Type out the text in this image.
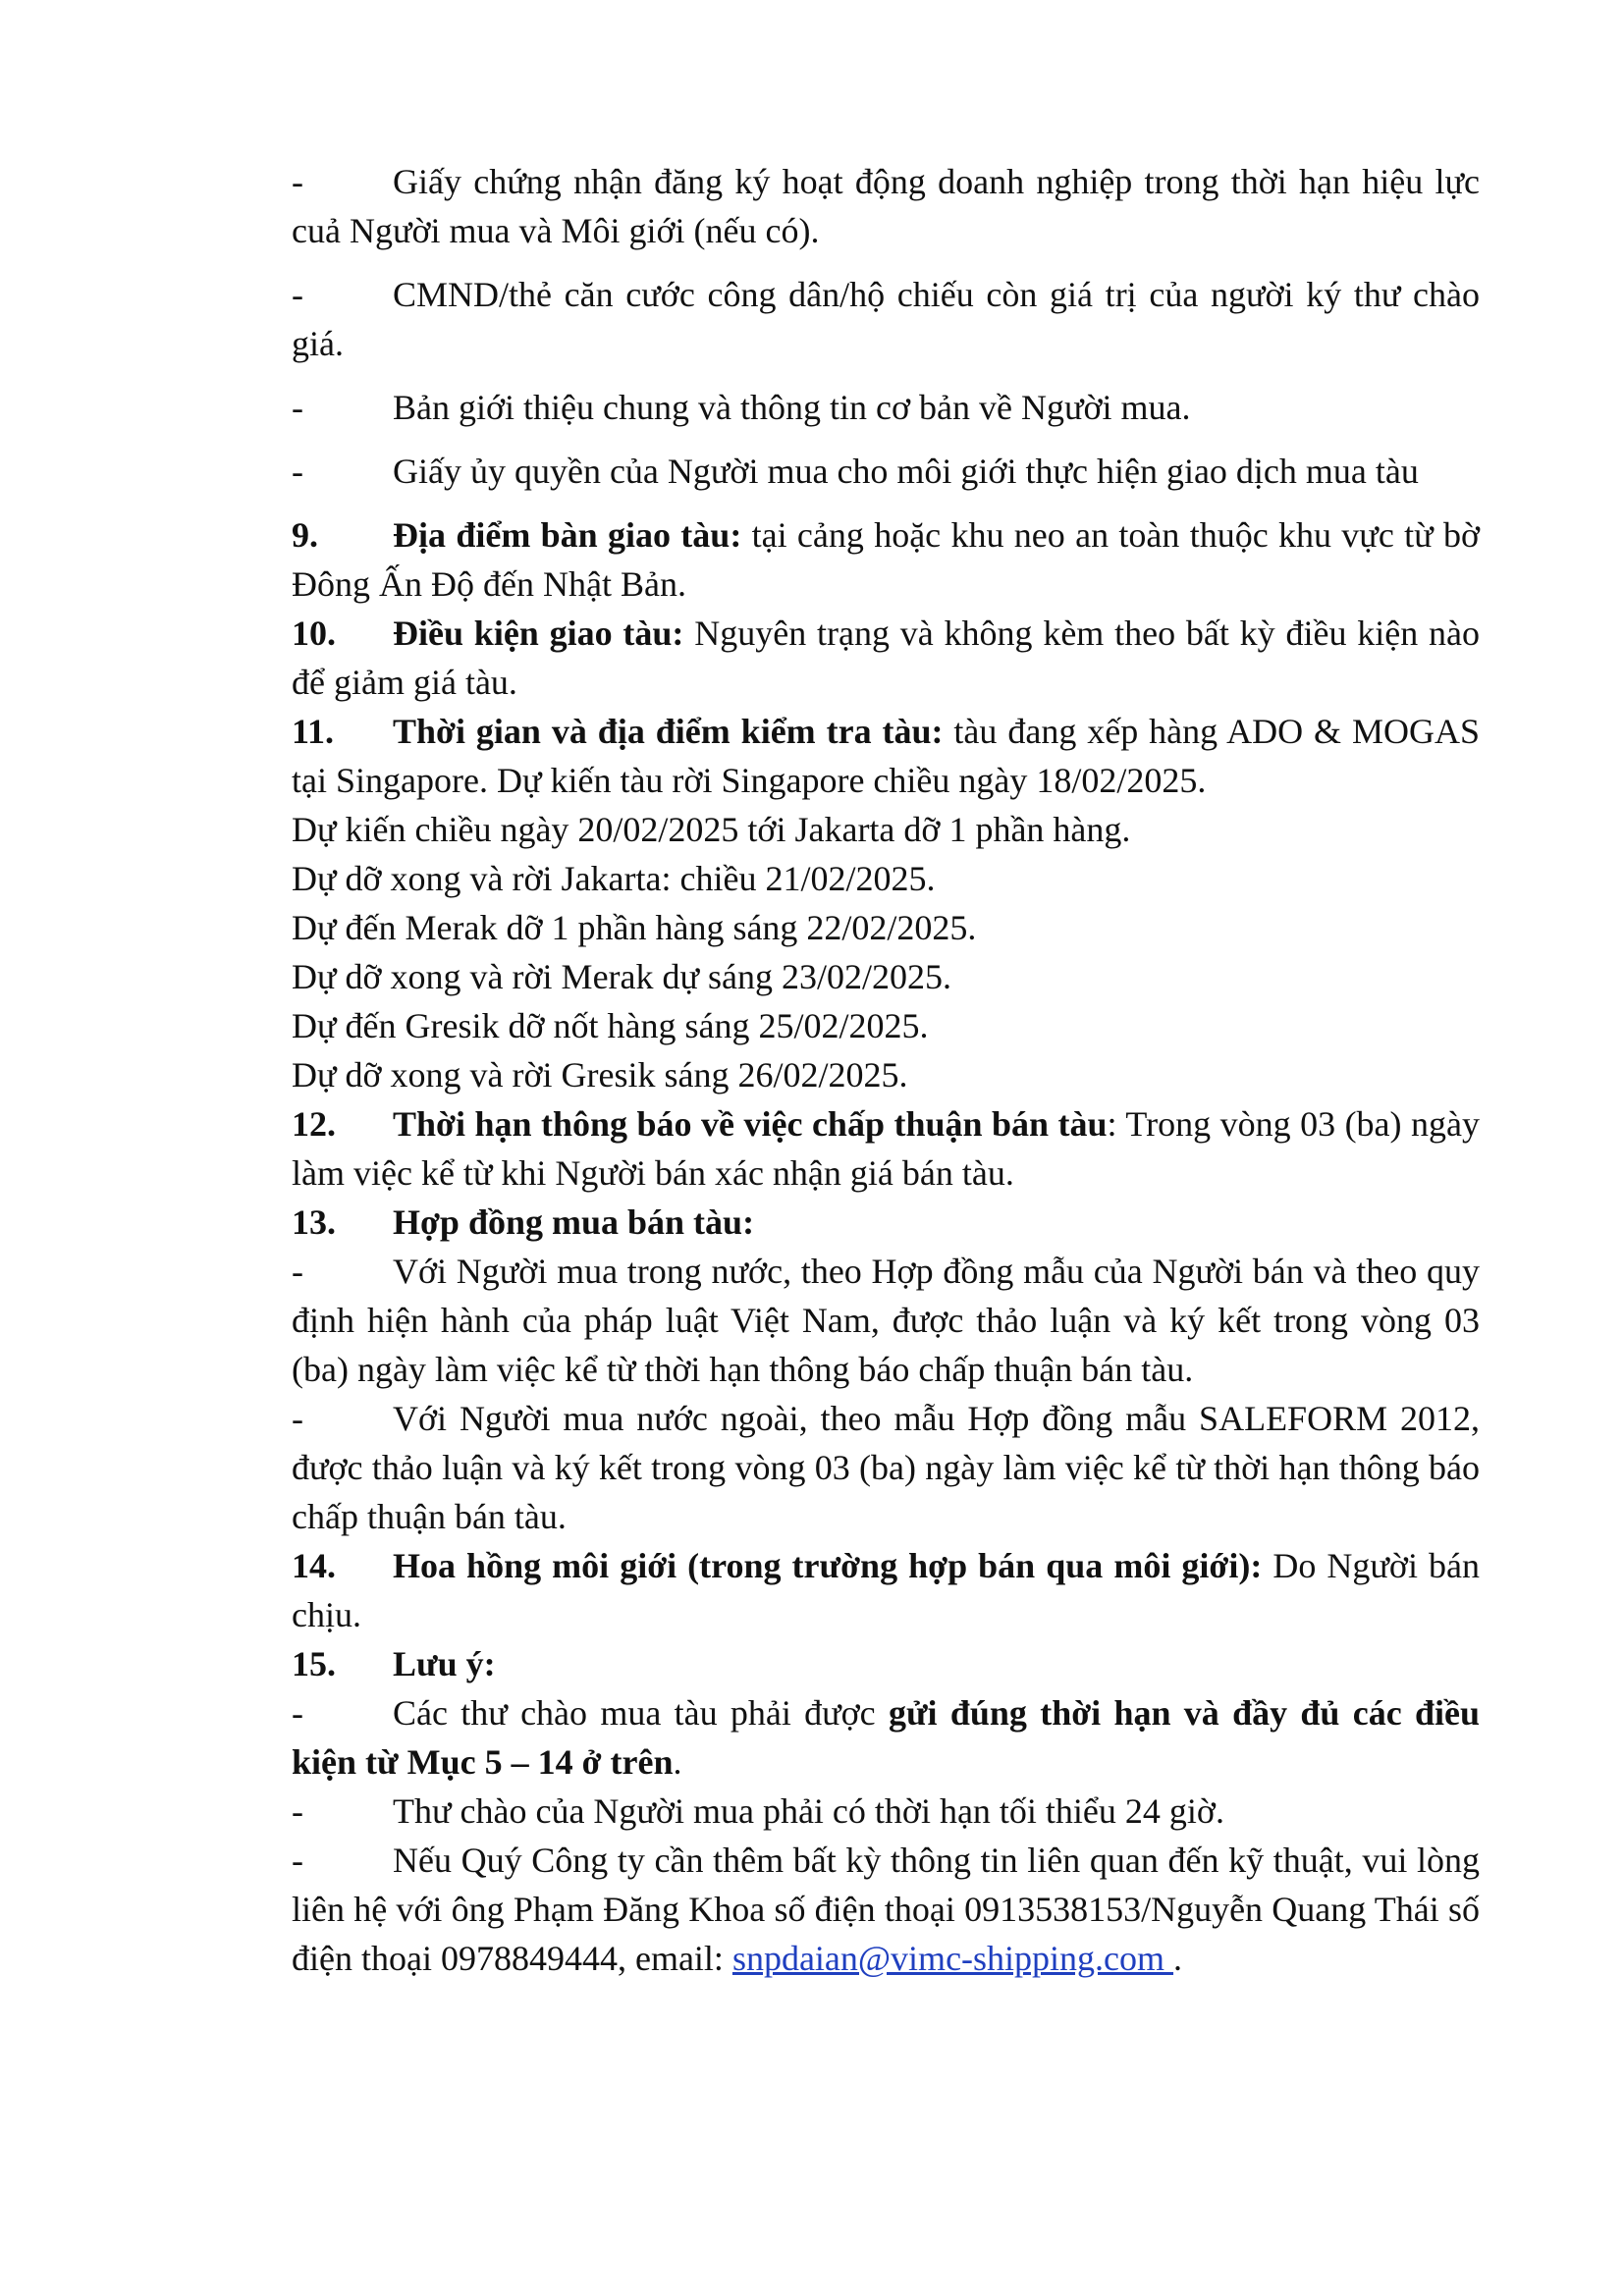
-	Giấy chứng nhận đăng ký hoạt động doanh nghiệp trong thời hạn hiệu lực cuả Người mua và Môi giới (nếu có).

-	CMND/thẻ căn cước công dân/hộ chiếu còn giá trị của người ký thư chào giá.

-	Bản giới thiệu chung và thông tin cơ bản về Người mua.

-	Giấy ủy quyền của Người mua cho môi giới thực hiện giao dịch mua tàu

9. Địa điểm bàn giao tàu: tại cảng hoặc khu neo an toàn thuộc khu vực từ bờ Đông Ấn Độ đến Nhật Bản.

10. Điều kiện giao tàu: Nguyên trạng và không kèm theo bất kỳ điều kiện nào để giảm giá tàu.

11. Thời gian và địa điểm kiểm tra tàu: tàu đang xếp hàng ADO & MOGAS tại Singapore. Dự kiến tàu rời Singapore chiều ngày 18/02/2025.

Dự kiến chiều ngày 20/02/2025 tới Jakarta dỡ 1 phần hàng.

Dự dỡ xong và rời Jakarta: chiều 21/02/2025.

Dự đến Merak dỡ 1 phần hàng sáng 22/02/2025.

Dự dỡ xong và rời Merak dự sáng 23/02/2025.

Dự đến Gresik dỡ nốt hàng sáng 25/02/2025.

Dự dỡ xong và rời Gresik sáng 26/02/2025.

12. Thời hạn thông báo về việc chấp thuận bán tàu: Trong vòng 03 (ba) ngày làm việc kể từ khi Người bán xác nhận giá bán tàu.

13. Hợp đồng mua bán tàu:

-	Với Người mua trong nước, theo Hợp đồng mẫu của Người bán và theo quy định hiện hành của pháp luật Việt Nam, được thảo luận và ký kết trong vòng 03 (ba) ngày làm việc kể từ thời hạn thông báo chấp thuận bán tàu.

-	Với Người mua nước ngoài, theo mẫu Hợp đồng mẫu SALEFORM 2012, được thảo luận và ký kết trong vòng 03 (ba) ngày làm việc kể từ thời hạn thông báo chấp thuận bán tàu.

14. Hoa hồng môi giới (trong trường hợp bán qua môi giới): Do Người bán chịu.

15. Lưu ý:

-	Các thư chào mua tàu phải được gửi đúng thời hạn và đầy đủ các điều kiện từ Mục 5 – 14 ở trên.

-	Thư chào của Người mua phải có thời hạn tối thiểu 24 giờ.

-	Nếu Quý Công ty cần thêm bất kỳ thông tin liên quan đến kỹ thuật, vui lòng liên hệ với ông Phạm Đăng Khoa số điện thoại 0913538153/Nguyễn Quang Thái số điện thoại 0978849444, email: snpdaian@vimc-shipping.com .
